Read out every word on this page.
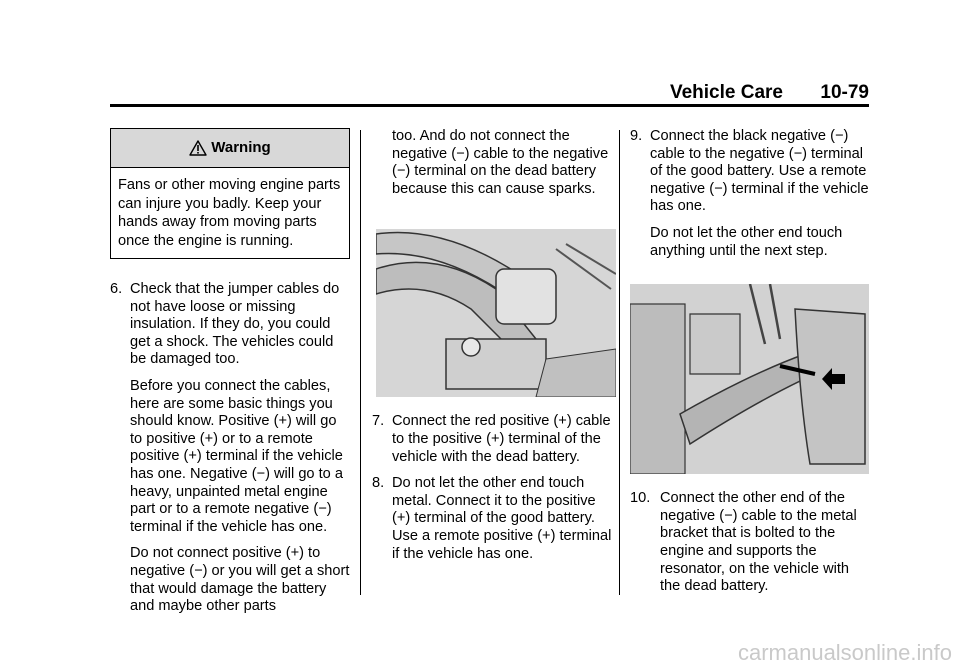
Vehicle Care 10-79
Warning
Fans or other moving engine parts can injure you badly. Keep your hands away from moving parts once the engine is running.
6. Check that the jumper cables do not have loose or missing insulation. If they do, you could get a shock. The vehicles could be damaged too.
Before you connect the cables, here are some basic things you should know. Positive (+) will go to positive (+) or to a remote positive (+) terminal if the vehicle has one. Negative (−) will go to a heavy, unpainted metal engine part or to a remote negative (−) terminal if the vehicle has one.
Do not connect positive (+) to negative (−) or you will get a short that would damage the battery and maybe other parts
too. And do not connect the negative (−) cable to the negative (−) terminal on the dead battery because this can cause sparks.
7. Connect the red positive (+) cable to the positive (+) terminal of the vehicle with the dead battery.
8. Do not let the other end touch metal. Connect it to the positive (+) terminal of the good battery. Use a remote positive (+) terminal if the vehicle has one.
9. Connect the black negative (−) cable to the negative (−) terminal of the good battery. Use a remote negative (−) terminal if the vehicle has one.
Do not let the other end touch anything until the next step.
10. Connect the other end of the negative (−) cable to the metal bracket that is bolted to the engine and supports the resonator, on the vehicle with the dead battery.
carmanualsonline.info
